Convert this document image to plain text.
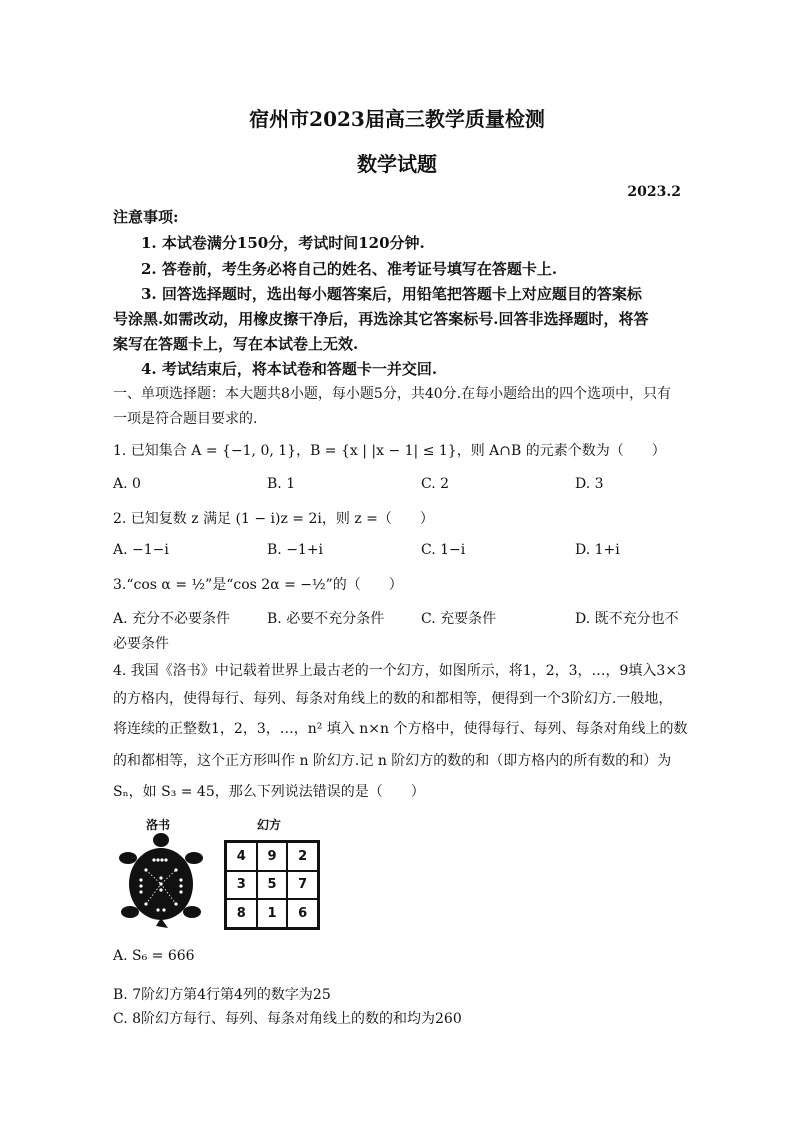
宿州市2023届高三教学质量检测
数学试题
2023.2
注意事项:
1. 本试卷满分150分，考试时间120分钟.
2. 答卷前，考生务必将自己的姓名、准考证号填写在答题卡上.
3. 回答选择题时，选出每小题答案后，用铅笔把答题卡上对应题目的答案标
号涂黑.如需改动，用橡皮擦干净后，再选涂其它答案标号.回答非选择题时，将答
案写在答题卡上，写在本试卷上无效.
4. 考试结束后，将本试卷和答题卡一并交回.
一、单项选择题：本大题共8小题，每小题5分，共40分.在每小题给出的四个选项中，只有
一项是符合题目要求的.
1. 已知集合 A = {−1, 0, 1}，B = {x | |x − 1| ≤ 1}，则 A∩B 的元素个数为（　　）
A. 0	B. 1	C. 2	D. 3
2. 已知复数 z 满足 (1 − i)z = 2i，则 z =（　　）
A. −1−i	B. −1+i	C. 1−i	D. 1+i
3.“cos α = ½”是“cos 2α = −½”的（　　）
A. 充分不必要条件	B. 必要不充分条件	C. 充要条件	D. 既不充分也不
必要条件
4. 我国《洛书》中记载着世界上最古老的一个幻方，如图所示，将1，2，3，…，9填入3×3
的方格内，使得每行、每列、每条对角线上的数的和都相等，便得到一个3阶幻方.一般地，
将连续的正整数1，2，3，…，n² 填入 n×n 个方格中，使得每行、每列、每条对角线上的数
的和都相等，这个正方形叫作 n 阶幻方.记 n 阶幻方的数的和（即方格内的所有数的和）为
Sₙ，如 S₃ = 45，那么下列说法错误的是（　　）
洛书	幻方
4	9	2
3	5	7
8	1	6
A. S₆ = 666
B. 7阶幻方第4行第4列的数字为25
C. 8阶幻方每行、每列、每条对角线上的数的和均为260
